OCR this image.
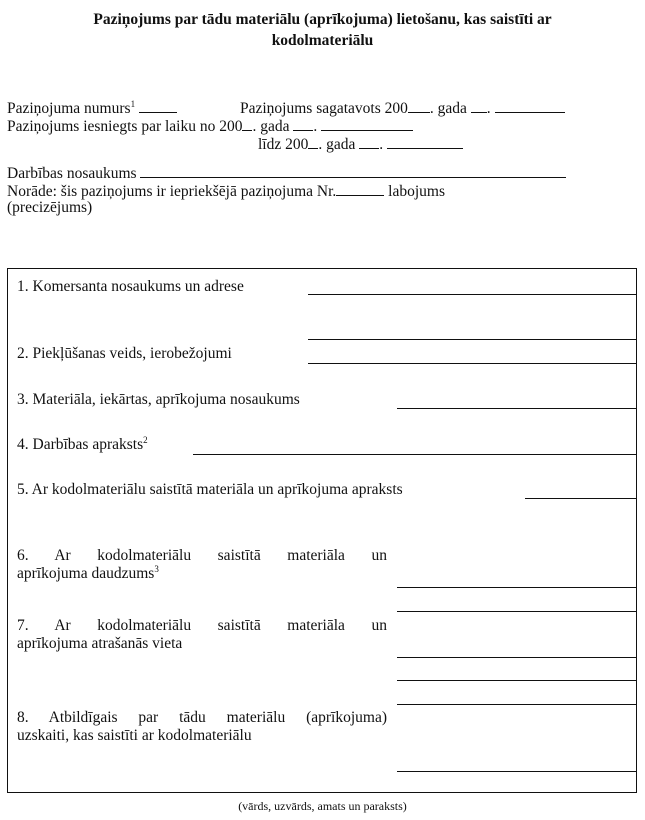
Paziņojums par tādu materiālu (aprīkojuma) lietošanu, kas saistīti ar
kodolmateriālu
Paziņojuma numurs$^1$	Paziņojums sagatavots 200 . gada .
Paziņojums iesniegts par laiku no 200 . gada .
līdz 200 . gada .
Darbības nosaukums
Norāde: šis paziņojums ir iepriekšējā paziņojuma Nr.	labojums
(precizējums)
1. Komersanta nosaukums un adrese
2. Piekļūšanas veids, ierobežojumi
3. Materiāla, iekārtas, aprīkojuma nosaukums
4. Darbības apraksts$^2$
5. Ar kodolmateriālu saistītā materiāla un aprīkojuma apraksts
6. Ar kodolmateriālu saistītā materiāla un
aprīkojuma daudzums$^3$
7. Ar kodolmateriālu saistītā materiāla un
aprīkojuma atrašanās vieta
8. Atbildīgais par tādu materiālu (aprīkojuma)
uzskaiti, kas saistīti ar kodolmateriālu
(vārds, uzvārds, amats un paraksts)
